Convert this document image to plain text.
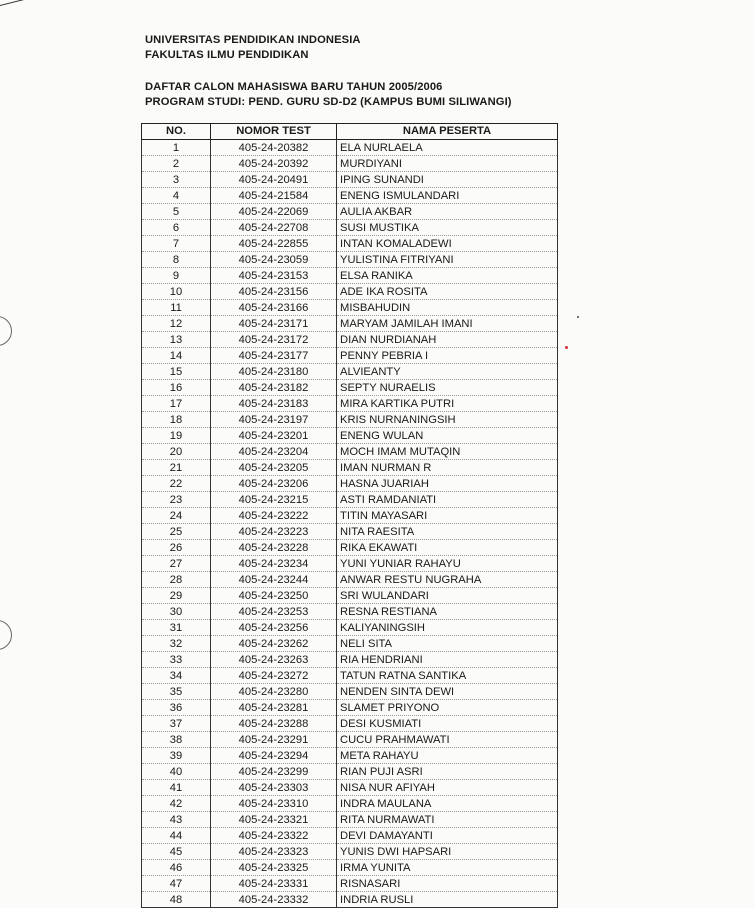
UNIVERSITAS PENDIDIKAN INDONESIA
FAKULTAS ILMU PENDIDIKAN
DAFTAR CALON MAHASISWA BARU TAHUN 2005/2006
PROGRAM STUDI: PEND. GURU SD-D2 (KAMPUS BUMI SILIWANGI)
NO.	NOMOR TEST	NAMA PESERTA
1	405-24-20382	ELA NURLAELA
2	405-24-20392	MURDIYANI
3	405-24-20491	IPING SUNANDI
4	405-24-21584	ENENG ISMULANDARI
5	405-24-22069	AULIA AKBAR
6	405-24-22708	SUSI MUSTIKA
7	405-24-22855	INTAN KOMALADEWI
8	405-24-23059	YULISTINA FITRIYANI
9	405-24-23153	ELSA RANIKA
10	405-24-23156	ADE IKA ROSITA
11	405-24-23166	MISBAHUDIN
12	405-24-23171	MARYAM JAMILAH IMANI
13	405-24-23172	DIAN NURDIANAH
14	405-24-23177	PENNY PEBRIA I
15	405-24-23180	ALVIEANTY
16	405-24-23182	SEPTY NURAELIS
17	405-24-23183	MIRA KARTIKA PUTRI
18	405-24-23197	KRIS NURNANINGSIH
19	405-24-23201	ENENG WULAN
20	405-24-23204	MOCH IMAM MUTAQIN
21	405-24-23205	IMAN NURMAN R
22	405-24-23206	HASNA JUARIAH
23	405-24-23215	ASTI RAMDANIATI
24	405-24-23222	TITIN MAYASARI
25	405-24-23223	NITA RAESITA
26	405-24-23228	RIKA EKAWATI
27	405-24-23234	YUNI YUNIAR RAHAYU
28	405-24-23244	ANWAR RESTU NUGRAHA
29	405-24-23250	SRI WULANDARI
30	405-24-23253	RESNA RESTIANA
31	405-24-23256	KALIYANINGSIH
32	405-24-23262	NELI SITA
33	405-24-23263	RIA HENDRIANI
34	405-24-23272	TATUN RATNA SANTIKA
35	405-24-23280	NENDEN SINTA DEWI
36	405-24-23281	SLAMET PRIYONO
37	405-24-23288	DESI KUSMIATI
38	405-24-23291	CUCU PRAHMAWATI
39	405-24-23294	META RAHAYU
40	405-24-23299	RIAN PUJI ASRI
41	405-24-23303	NISA NUR AFIYAH
42	405-24-23310	INDRA MAULANA
43	405-24-23321	RITA NURMAWATI
44	405-24-23322	DEVI DAMAYANTI
45	405-24-23323	YUNIS DWI HAPSARI
46	405-24-23325	IRMA YUNITA
47	405-24-23331	RISNASARI
48	405-24-23332	INDRIA RUSLI
